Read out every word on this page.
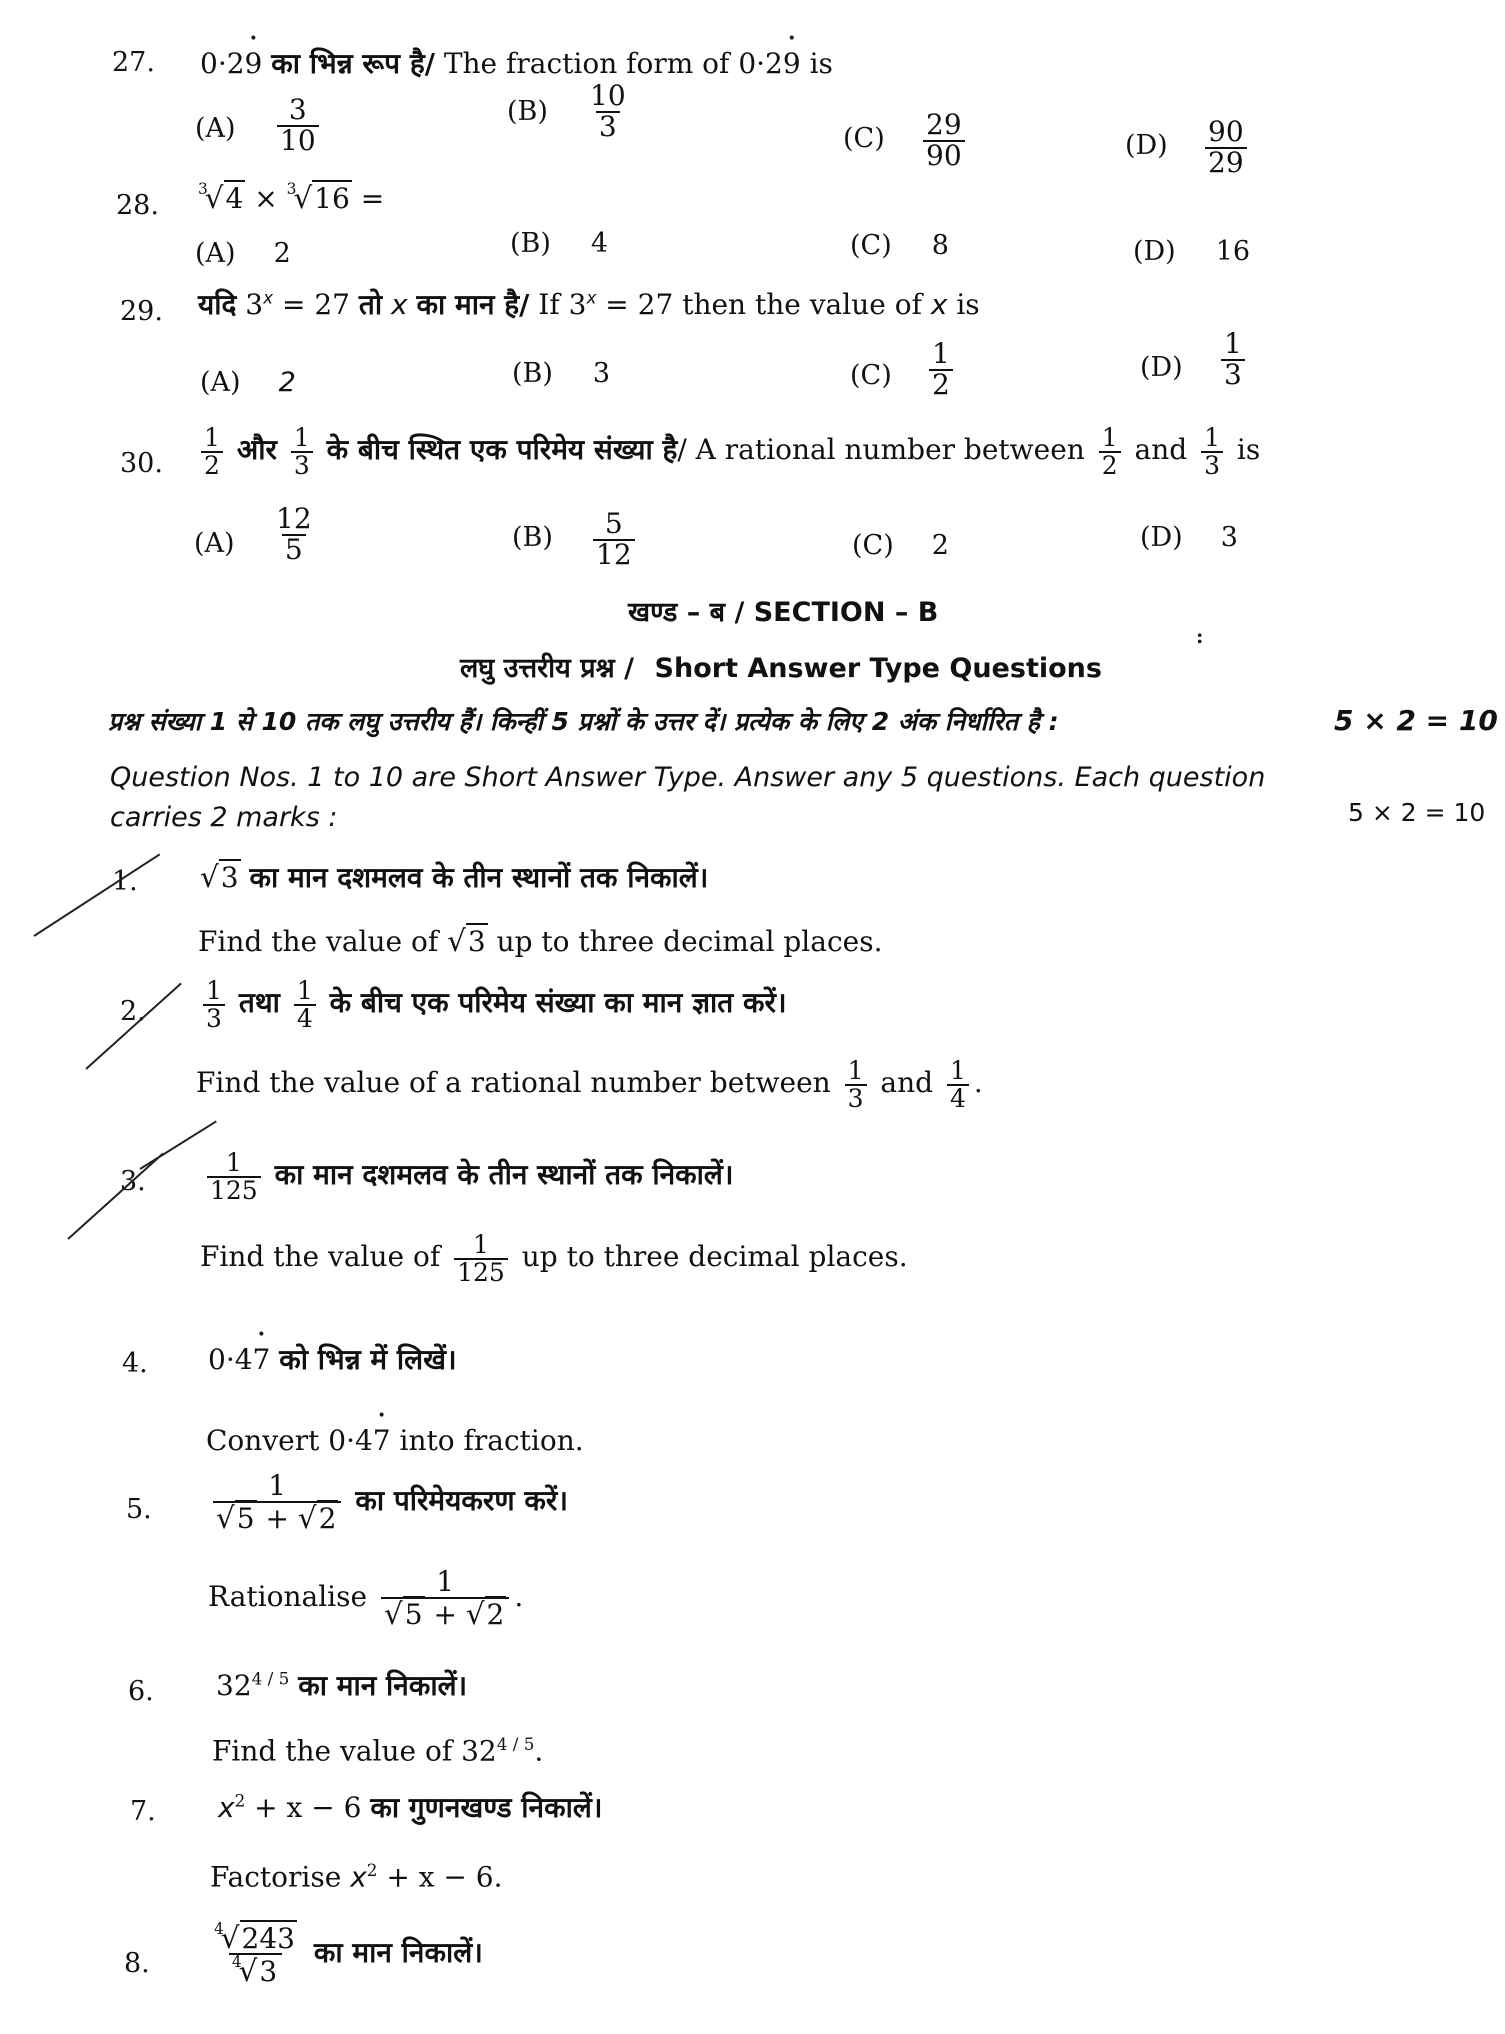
27. 0·2• 9 का भिन्न रूप है/ The fraction form of 0·2• 9 is
$(A) \frac{3}{10}$	$(B) \frac{10}{3}$	$(C) \frac{29}{90}$	$(D) \frac{90}{29}$
28.
$^3$√4 × $^3$√16 =
(A) 2	(B) 4	(C) 8	(D) 16
29. यदि $3^x = 27$ तो x का मान है/ If $3^x = 27$ then the value of x is
(A) 2	(B) 3	$(C) \frac{1}{2}$	$(D) \frac{1}{3}$
30. $\frac{1}{2}$ और $\frac{1}{3}$ के बीच स्थित एक परिमेय संख्या है/ A rational number between $\frac{1}{2}$ and $\frac{1}{3}$ is
$(A) \frac{12}{5}$	$(B) \frac{5}{12}$	(C) 2	(D) 3
खण्ड – ब / SECTION – B
:
लघु उत्तरीय प्रश्न / Short Answer Type Questions
प्रश्न संख्या 1 से 10 तक लघु उत्तरीय हैं। किन्हीं 5 प्रश्नों के उत्तर दें। प्रत्येक के लिए 2 अंक निर्धारित है :	5 × 2 = 10
Question Nos. 1 to 10 are Short Answer Type. Answer any 5 questions. Each question
carries 2 marks :	5 × 2 = 10
1. √3 का मान दशमलव के तीन स्थानों तक निकालें।
Find the value of √3 up to three decimal places.
2. $\frac{1}{3}$ तथा $\frac{1}{4}$ के बीच एक परिमेय संख्या का मान ज्ञात करें।
Find the value of a rational number between $\frac{1}{3}$ and $\frac{1}{4}$ .
3. $\frac{1}{125}$ का मान दशमलव के तीन स्थानों तक निकालें।
Find the value of $\frac{1}{125}$ up to three decimal places.
4. 0·4• 7 को भिन्न में लिखें।
Convert 0·4• 7 into fraction.
5. $\frac{1}{√5 + √2}$ का परिमेयकरण करें।
Rationalise $\frac{1}{√5 + √2}$ .
6. $32^{4 / 5}$ का मान निकालें।
Find the value of $32^{4 / 5}$.
7. $x^2 + x - 6$ का गुणनखण्ड निकालें।
Factorise $x^2 + x - 6$.
8.	$\frac{^4√243}{^4√3}$ का मान निकालें।
